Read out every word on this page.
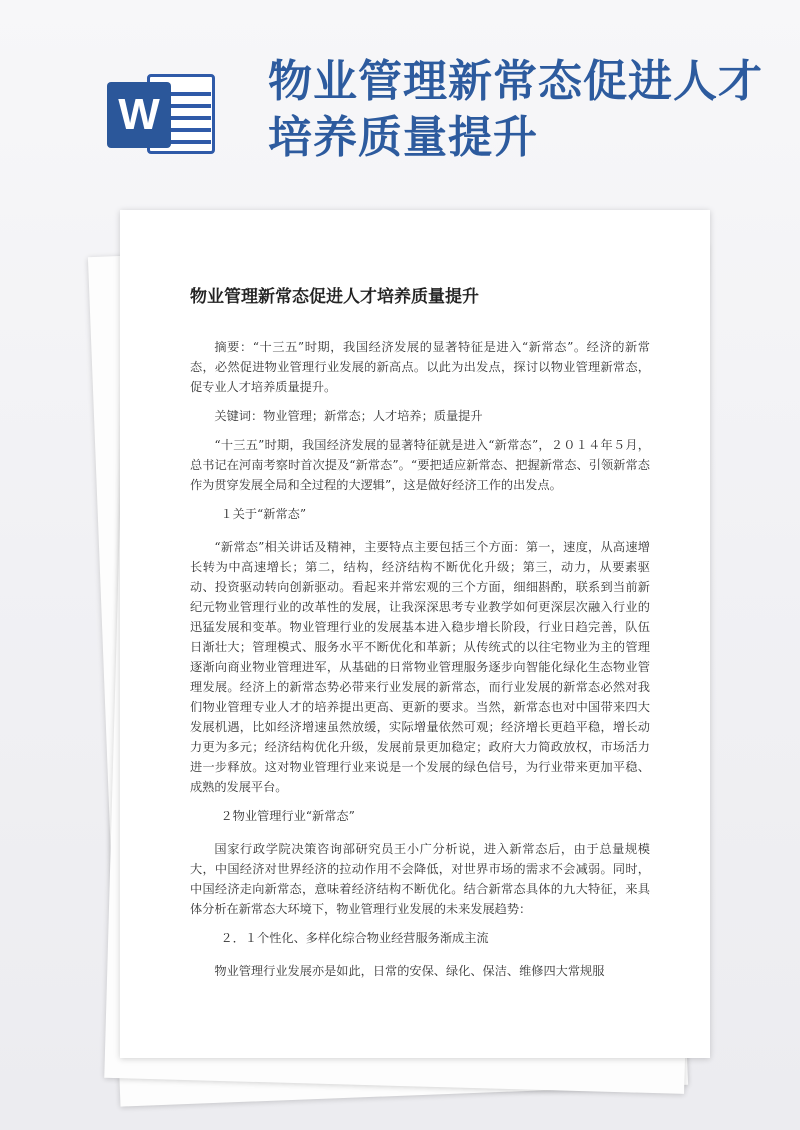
W
物业管理新常态促进人才培养质量提升
物业管理新常态促进人才培养质量提升

摘要：“十三五”时期，我国经济发展的显著特征是进入“新常态”。经济的新常态，必然促进物业管理行业发展的新高点。以此为出发点，探讨以物业管理新常态，促专业人才培养质量提升。

关键词：物业管理；新常态；人才培养；质量提升

“十三五”时期，我国经济发展的显著特征就是进入“新常态”，２０１４年５月，总书记在河南考察时首次提及“新常态”。“要把适应新常态、把握新常态、引领新常态作为贯穿发展全局和全过程的大逻辑”，这是做好经济工作的出发点。

１关于“新常态”

“新常态”相关讲话及精神，主要特点主要包括三个方面：第一，速度，从高速增长转为中高速增长；第二，结构，经济结构不断优化升级；第三，动力，从要素驱动、投资驱动转向创新驱动。看起来并常宏观的三个方面，细细斟酌，联系到当前新纪元物业管理行业的改革性的发展，让我深深思考专业教学如何更深层次融入行业的迅猛发展和变革。物业管理行业的发展基本进入稳步增长阶段，行业日趋完善，队伍日渐壮大；管理模式、服务水平不断优化和革新；从传统式的以往宅物业为主的管理逐渐向商业物业管理进军，从基础的日常物业管理服务逐步向智能化绿化生态物业管理发展。经济上的新常态势必带来行业发展的新常态，而行业发展的新常态必然对我们物业管理专业人才的培养提出更高、更新的要求。当然，新常态也对中国带来四大发展机遇，比如经济增速虽然放缓，实际增量依然可观；经济增长更趋平稳，增长动力更为多元；经济结构优化升级，发展前景更加稳定；政府大力简政放权，市场活力进一步释放。这对物业管理行业来说是一个发展的绿色信号，为行业带来更加平稳、成熟的发展平台。

２物业管理行业“新常态”

国家行政学院决策咨询部研究员王小广分析说，进入新常态后，由于总量规模大，中国经济对世界经济的拉动作用不会降低，对世界市场的需求不会减弱。同时，中国经济走向新常态，意味着经济结构不断优化。结合新常态具体的九大特征，来具体分析在新常态大环境下，物业管理行业发展的未来发展趋势：

２．１个性化、多样化综合物业经营服务渐成主流

物业管理行业发展亦是如此，日常的安保、绿化、保洁、维修四大常规服
